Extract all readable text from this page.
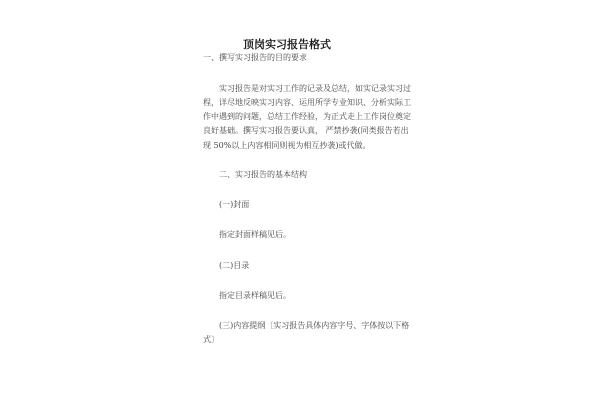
顶岗实习报告格式
一、撰写实习报告的目的要求
实习报告是对实习工作的记录及总结，如实记录实习过
程，详尽地反映实习内容、运用所学专业知识、分析实际工
作中遇到的问题，总结工作经验，为正式走上工作岗位奠定
良好基础。撰写实习报告要认真， 严禁抄袭(同类报告若出
现 50%以上内容相同则视为相互抄袭)或代做。
二、实习报告的基本结构
(一)封面
指定封面样稿见后。
(二)目录
指定目录样稿见后。
(三)内容提纲〔实习报告具体内容字号、字体按以下格
式〕
